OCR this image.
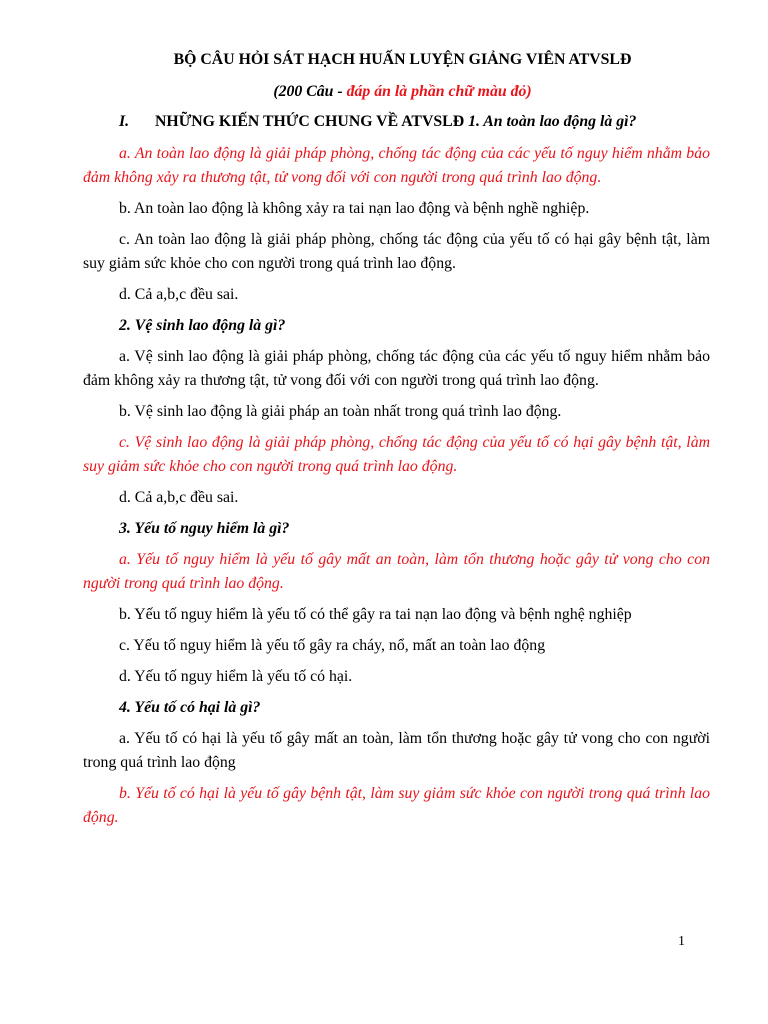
BỘ CÂU HỎI SÁT HẠCH HUẤN LUYỆN GIẢNG VIÊN ATVSLĐ
(200 Câu - đáp án là phần chữ màu đỏ)
I. NHỮNG KIẾN THỨC CHUNG VỀ ATVSLĐ 1. An toàn lao động là gì?

a. An toàn lao động là giải pháp phòng, chống tác động của các yếu tố nguy hiểm nhằm bảo đảm không xảy ra thương tật, tử vong đối với con người trong quá trình lao động.

b. An toàn lao động là không xảy ra tai nạn lao động và bệnh nghề nghiệp.

c. An toàn lao động là giải pháp phòng, chống tác động của yếu tố có hại gây bệnh tật, làm suy giảm sức khỏe cho con người trong quá trình lao động.

d. Cả a,b,c đều sai.

2. Vệ sinh lao động là gì?

a. Vệ sinh lao động là giải pháp phòng, chống tác động của các yếu tố nguy hiểm nhằm bảo đảm không xảy ra thương tật, tử vong đối với con người trong quá trình lao động.

b. Vệ sinh lao động là giải pháp an toàn nhất trong quá trình lao động.

c. Vệ sinh lao động là giải pháp phòng, chống tác động của yếu tố có hại gây bệnh tật, làm suy giảm sức khỏe cho con người trong quá trình lao động.

d. Cả a,b,c đều sai.

3. Yếu tố nguy hiểm là gì?

a. Yếu tố nguy hiểm là yếu tố gây mất an toàn, làm tổn thương hoặc gây tử vong cho con người trong quá trình lao động.

b. Yếu tố nguy hiểm là yếu tố có thể gây ra tai nạn lao động và bệnh nghệ nghiệp

c. Yếu tố nguy hiểm là yếu tố gây ra cháy, nổ, mất an toàn lao động

d. Yếu tố nguy hiểm là yếu tố có hại.

4. Yếu tố có hại là gì?

a. Yếu tố có hại là yếu tố gây mất an toàn, làm tổn thương hoặc gây tử vong cho con người trong quá trình lao động

b. Yếu tố có hại là yếu tố gây bệnh tật, làm suy giảm sức khỏe con người trong quá trình lao động.

1
